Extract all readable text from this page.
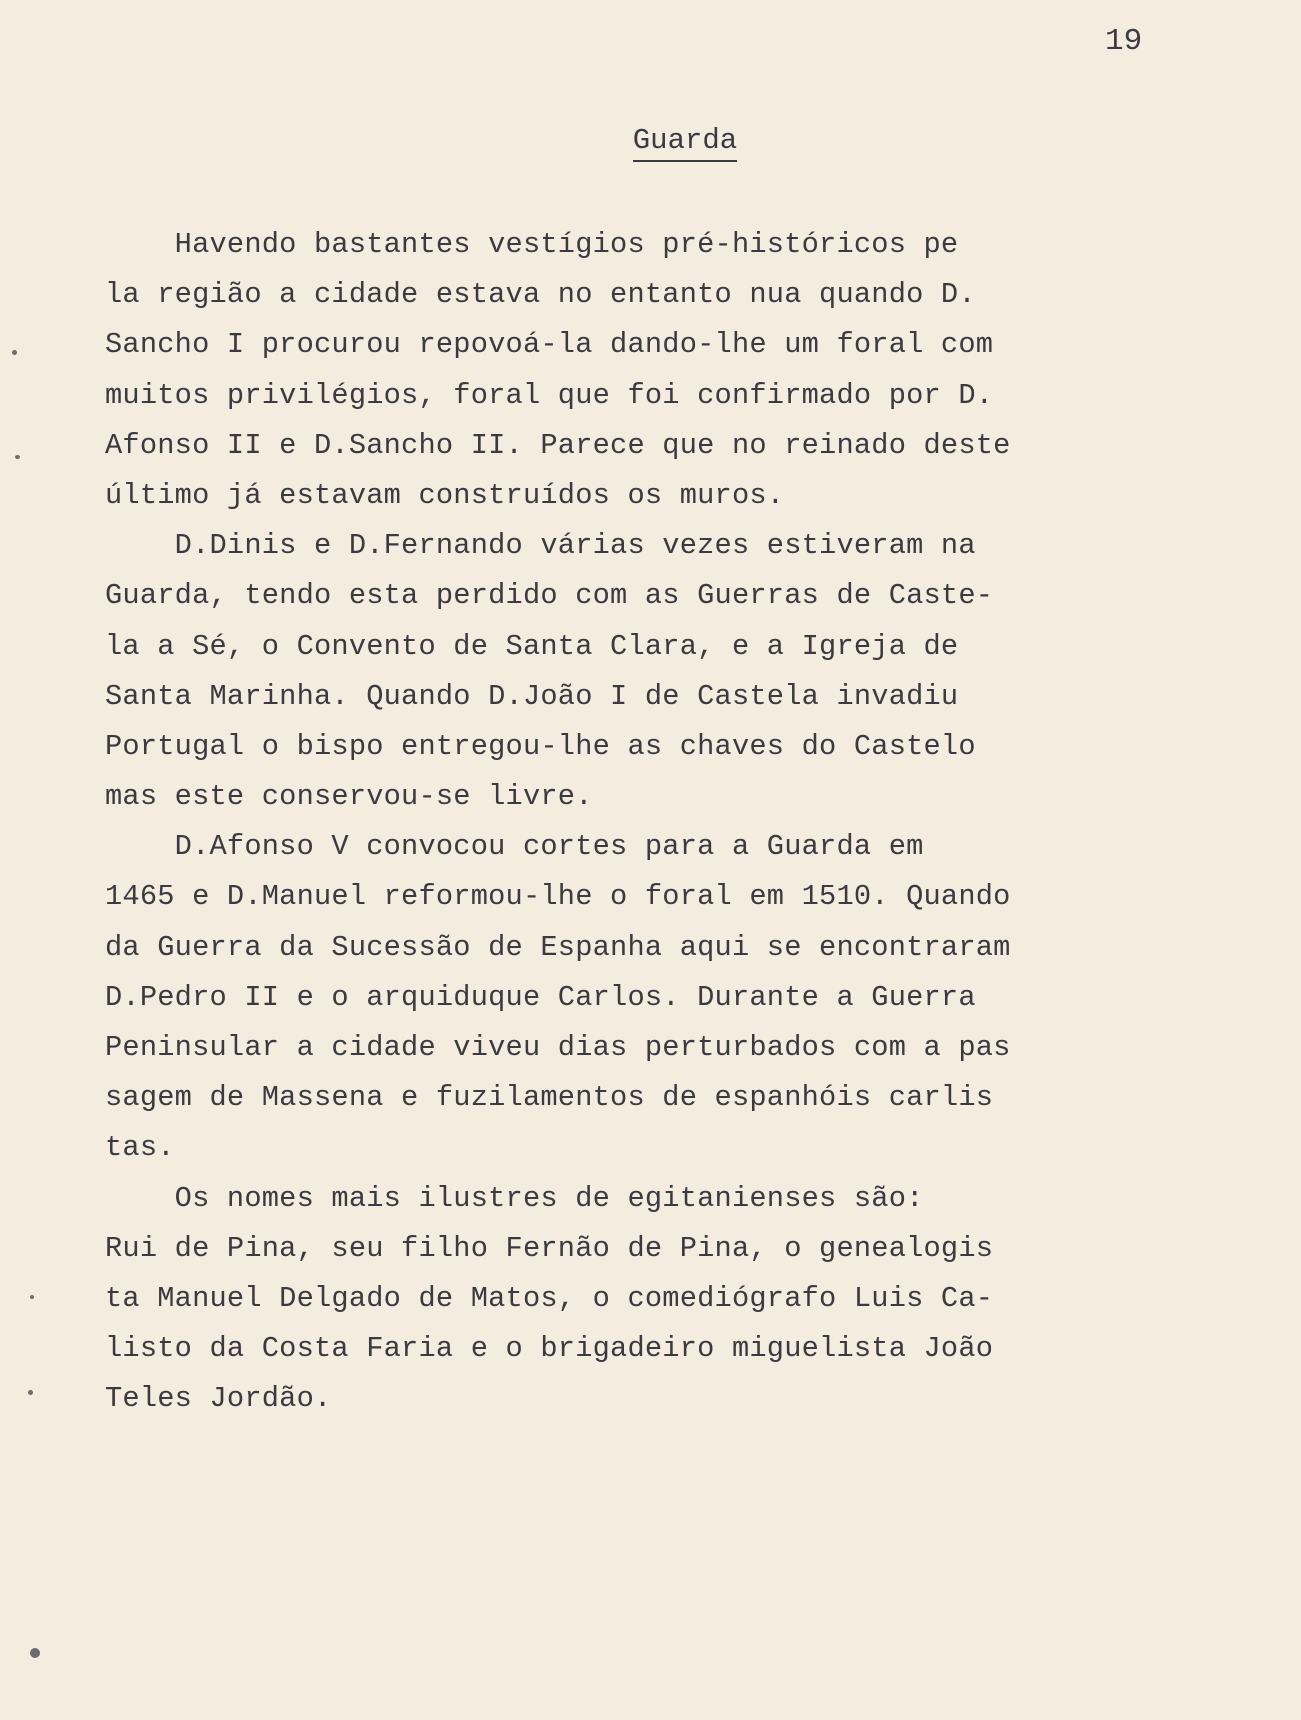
19
Guarda
Havendo bastantes vestígios pré-históricos pe
la região a cidade estava no entanto nua quando D.
Sancho I procurou repovoá-la dando-lhe um foral com
muitos privilégios, foral que foi confirmado por D.
Afonso II e D.Sancho II. Parece que no reinado deste
último já estavam construídos os muros.
D.Dinis e D.Fernando várias vezes estiveram na
Guarda, tendo esta perdido com as Guerras de Caste-
la a Sé, o Convento de Santa Clara, e a Igreja de
Santa Marinha. Quando D.João I de Castela invadiu
Portugal o bispo entregou-lhe as chaves do Castelo
mas este conservou-se livre.
D.Afonso V convocou cortes para a Guarda em
1465 e D.Manuel reformou-lhe o foral em 1510. Quando
da Guerra da Sucessão de Espanha aqui se encontraram
D.Pedro II e o arquiduque Carlos. Durante a Guerra
Peninsular a cidade viveu dias perturbados com a pas
sagem de Massena e fuzilamentos de espanhóis carlis
tas.
Os nomes mais ilustres de egitanienses são:
Rui de Pina, seu filho Fernão de Pina, o genealogis
ta Manuel Delgado de Matos, o comediógrafo Luis Ca-
listo da Costa Faria e o brigadeiro miguelista João
Teles Jordão.
